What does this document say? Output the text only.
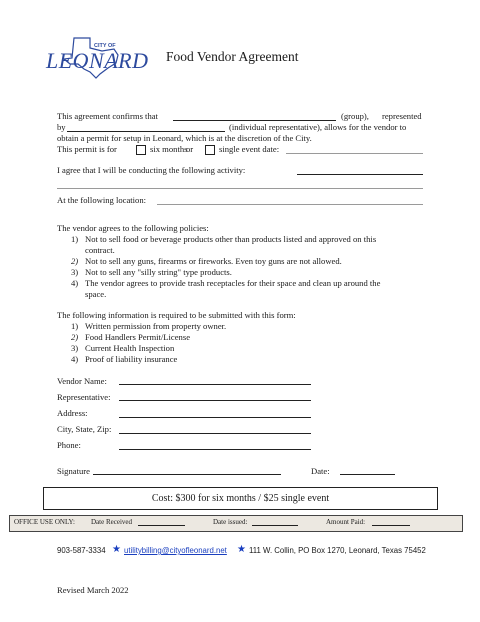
CITY OF
LEONARD Food Vendor Agreement
This agreement confirms that	(group), represented
by	(individual representative), allows for the vendor to
obtain a permit for setup in Leonard, which is at the discretion of the City.
This permit is for	six months
or	single event date:
I agree that I will be conducting the following activity:
At the following location:
The vendor agrees to the following policies:
1) Not to sell food or beverage products other than products listed and approved on this
contract.
2) Not to sell any guns, firearms or fireworks. Even toy guns are not allowed.
3) Not to sell any "silly string" type products.
4) The vendor agrees to provide trash receptacles for their space and clean up around the
space.
The following information is required to be submitted with this form:
1) Written permission from property owner.
2) Food Handlers Permit/License
3) Current Health Inspection
4) Proof of liability insurance
Vendor Name:
Representative:
Address:
City, State, Zip:
Phone:
Signature	Date:
Cost: $300 for six months / $25 single event
OFFICE USE ONLY: Date Received	Date issued:	Amount Paid:
903-587-3334 ★ utilitybilling@cityofleonard.net ★ 111 W. Collin, PO Box 1270, Leonard, Texas 75452
Revised March 2022
